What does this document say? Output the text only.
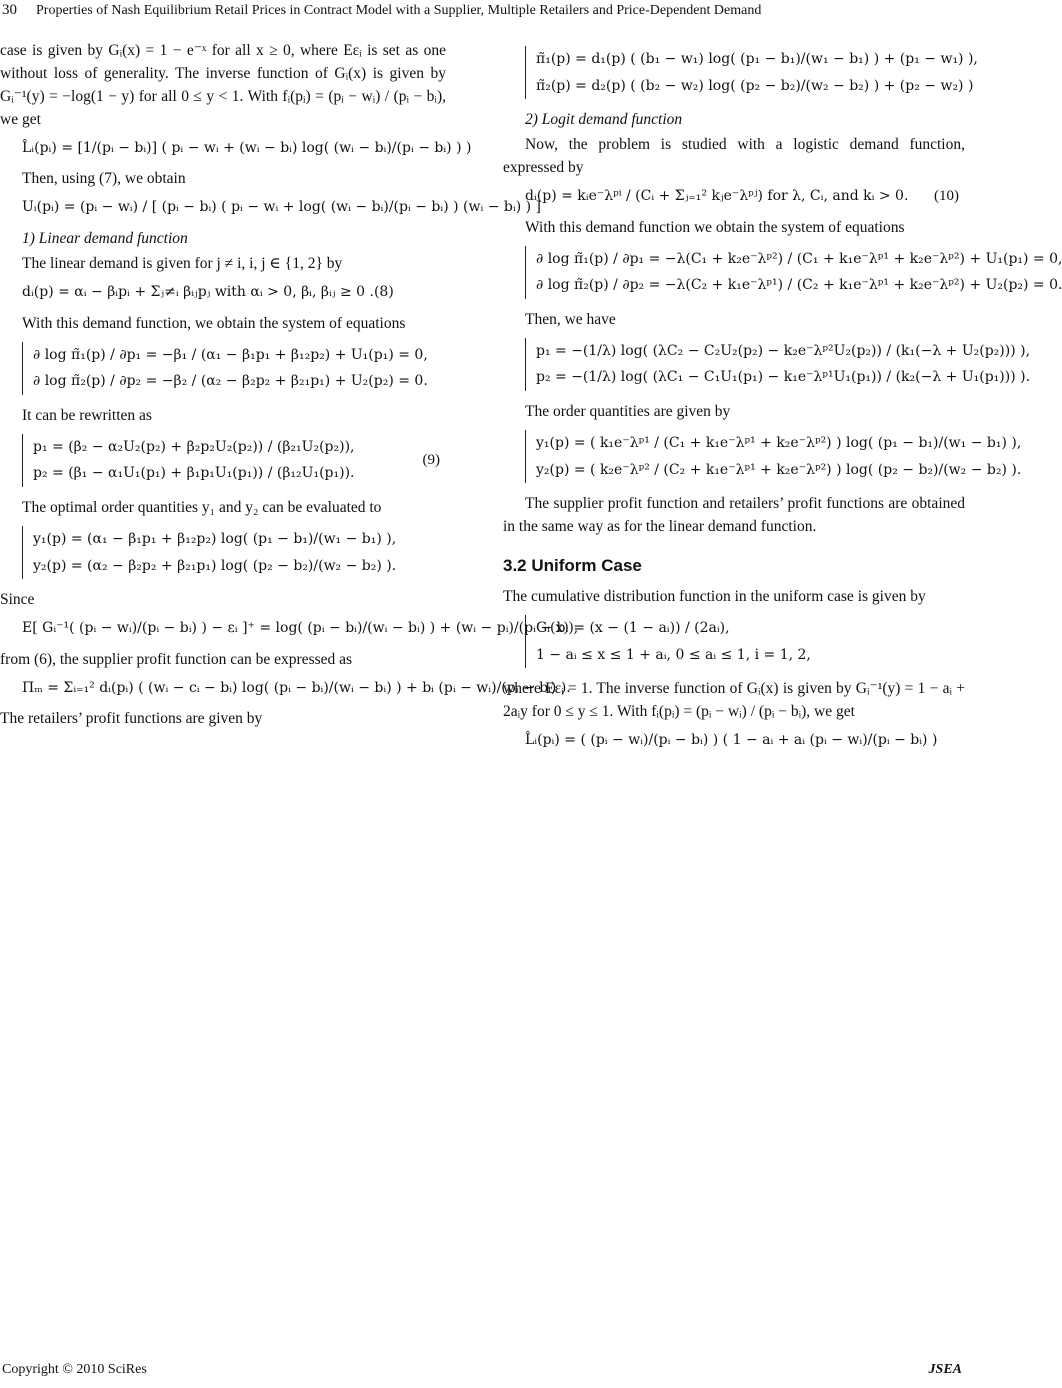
30 Properties of Nash Equilibrium Retail Prices in Contract Model with a Supplier, Multiple Retailers and Price-Dependent Demand

case is given by Gᵢ(x) = 1 − e⁻ˣ for all x ≥ 0, where Eεᵢ is set as one without loss of generality. The inverse function of Gᵢ(x) is given by Gᵢ⁻¹(y) = −log(1 − y) for all 0 ≤ y < 1. With fᵢ(pᵢ) = (pᵢ − wᵢ) / (pᵢ − bᵢ), we get

L̂ᵢ(pᵢ) = [1/(pᵢ − bᵢ)] ( pᵢ − wᵢ + (wᵢ − bᵢ) log( (wᵢ − bᵢ)/(pᵢ − bᵢ) ) )

Then, using (7), we obtain

Uᵢ(pᵢ) = (pᵢ − wᵢ) / [ (pᵢ − bᵢ) ( pᵢ − wᵢ + log( (wᵢ − bᵢ)/(pᵢ − bᵢ) ) (wᵢ − bᵢ) ) ]
1) Linear demand function

The linear demand is given for j ≠ i, i, j ∈ {1, 2} by

dᵢ(p) = αᵢ − βᵢpᵢ + Σⱼ≠ᵢ βᵢⱼpⱼ with αᵢ > 0, βᵢ, βᵢⱼ ≥ 0 .(8)

With this demand function, we obtain the system of equations

∂ log π̃₁(p) / ∂p₁ = −β₁ / (α₁ − β₁p₁ + β₁₂p₂) + U₁(p₁) = 0,
∂ log π̃₂(p) / ∂p₂ = −β₂ / (α₂ − β₂p₂ + β₂₁p₁) + U₂(p₂) = 0.

It can be rewritten as

p₁ = (β₂ − α₂U₂(p₂) + β₂p₂U₂(p₂)) / (β₂₁U₂(p₂)),
p₂ = (β₁ − α₁U₁(p₁) + β₁p₁U₁(p₁)) / (β₁₂U₁(p₁)).
(9)

The optimal order quantities y₁ and y₂ can be evaluated to

y₁(p) = (α₁ − β₁p₁ + β₁₂p₂) log( (p₁ − b₁)/(w₁ − b₁) ),
y₂(p) = (α₂ − β₂p₂ + β₂₁p₁) log( (p₂ − b₂)/(w₂ − b₂) ).

Since

E[ Gᵢ⁻¹( (pᵢ − wᵢ)/(pᵢ − bᵢ) ) − εᵢ ]⁺ = log( (pᵢ − bᵢ)/(wᵢ − bᵢ) ) + (wᵢ − pᵢ)/(pᵢ − bᵢ),

from (6), the supplier profit function can be expressed as

Πₘ = Σᵢ₌₁² dᵢ(pᵢ) ( (wᵢ − cᵢ − bᵢ) log( (pᵢ − bᵢ)/(wᵢ − bᵢ) ) + bᵢ (pᵢ − wᵢ)/(pᵢ − bᵢ) ).

The retailers’ profit functions are given by

π̃₁(p) = d₁(p) ( (b₁ − w₁) log( (p₁ − b₁)/(w₁ − b₁) ) + (p₁ − w₁) ),
π̃₂(p) = d₂(p) ( (b₂ − w₂) log( (p₂ − b₂)/(w₂ − b₂) ) + (p₂ − w₂) )
2) Logit demand function

Now, the problem is studied with a logistic demand function, expressed by

dᵢ(p) = kᵢe⁻λᵖⁱ / (Cᵢ + Σⱼ₌₁² kⱼe⁻λᵖʲ) for λ, Cᵢ, and kᵢ > 0. (10)

With this demand function we obtain the system of equations

∂ log π̃₁(p) / ∂p₁ = −λ(C₁ + k₂e⁻λᵖ²) / (C₁ + k₁e⁻λᵖ¹ + k₂e⁻λᵖ²) + U₁(p₁) = 0,
∂ log π̃₂(p) / ∂p₂ = −λ(C₂ + k₁e⁻λᵖ¹) / (C₂ + k₁e⁻λᵖ¹ + k₂e⁻λᵖ²) + U₂(p₂) = 0.

Then, we have

p₁ = −(1/λ) log( (λC₂ − C₂U₂(p₂) − k₂e⁻λᵖ²U₂(p₂)) / (k₁(−λ + U₂(p₂))) ),
p₂ = −(1/λ) log( (λC₁ − C₁U₁(p₁) − k₁e⁻λᵖ¹U₁(p₁)) / (k₂(−λ + U₁(p₁))) ).

The order quantities are given by

y₁(p) = ( k₁e⁻λᵖ¹ / (C₁ + k₁e⁻λᵖ¹ + k₂e⁻λᵖ²) ) log( (p₁ − b₁)/(w₁ − b₁) ),
y₂(p) = ( k₂e⁻λᵖ² / (C₂ + k₁e⁻λᵖ¹ + k₂e⁻λᵖ²) ) log( (p₂ − b₂)/(w₂ − b₂) ).

The supplier profit function and retailers’ profit functions are obtained in the same way as for the linear demand function.

3.2 Uniform Case

The cumulative distribution function in the uniform case is given by

Gᵢ(x) = (x − (1 − aᵢ)) / (2aᵢ),
1 − aᵢ ≤ x ≤ 1 + aᵢ, 0 ≤ aᵢ ≤ 1, i = 1, 2,

where Eεᵢ = 1. The inverse function of Gᵢ(x) is given by Gᵢ⁻¹(y) = 1 − aᵢ + 2aᵢy for 0 ≤ y ≤ 1. With fᵢ(pᵢ) = (pᵢ − wᵢ) / (pᵢ − bᵢ), we get

L̂ᵢ(pᵢ) = ( (pᵢ − wᵢ)/(pᵢ − bᵢ) ) ( 1 − aᵢ + aᵢ (pᵢ − wᵢ)/(pᵢ − bᵢ) )
Copyright © 2010 SciRes	JSEA
